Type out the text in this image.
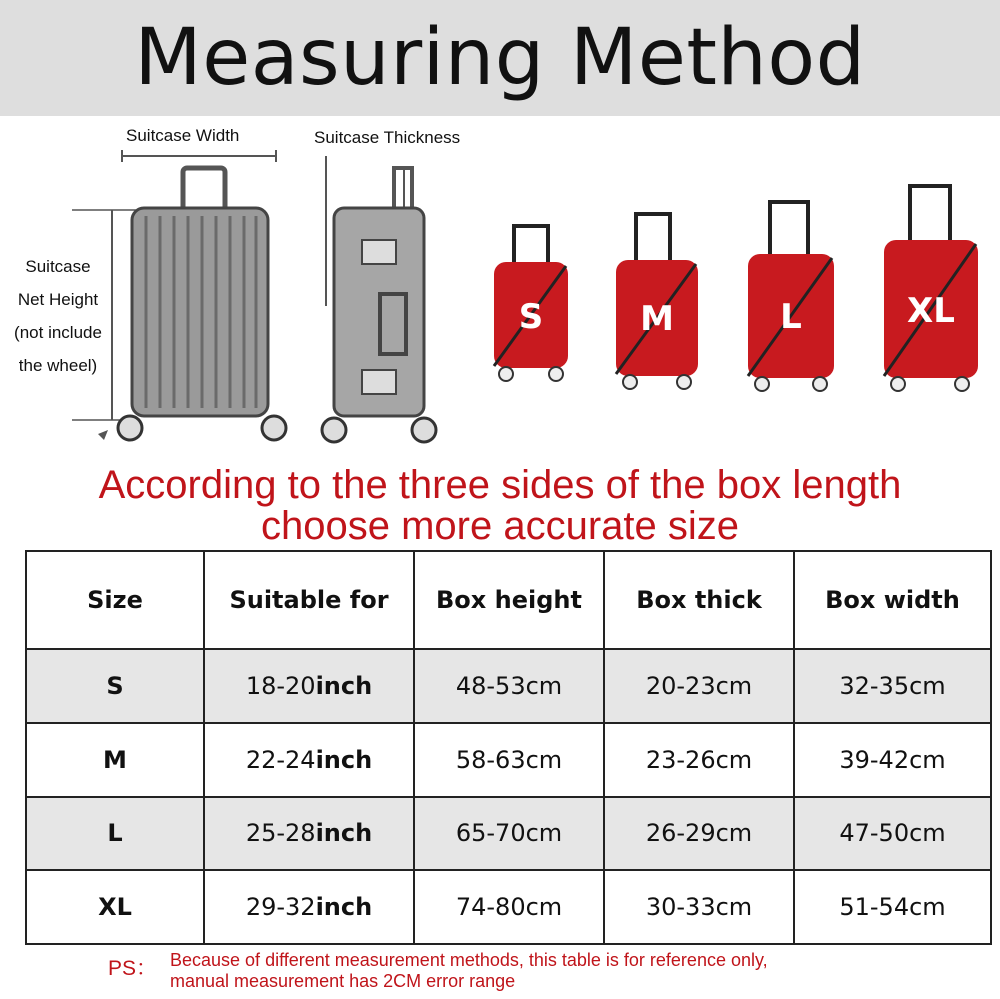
Measuring Method
Suitcase Width	Suitcase Thickness
Suitcase
Net Height
(not include
the wheel)
S	M	L	XL
According to the three sides of the box length
choose more accurate size
Size	Suitable for	Box height	Box thick	Box width
S	18-20inch	48-53cm	20-23cm	32-35cm
M	22-24inch	58-63cm	23-26cm	39-42cm
L	25-28inch	65-70cm	26-29cm	47-50cm
XL	29-32inch	74-80cm	30-33cm	51-54cm
PS： Because of different measurement methods, this table is for reference only,
manual measurement has 2CM error range
